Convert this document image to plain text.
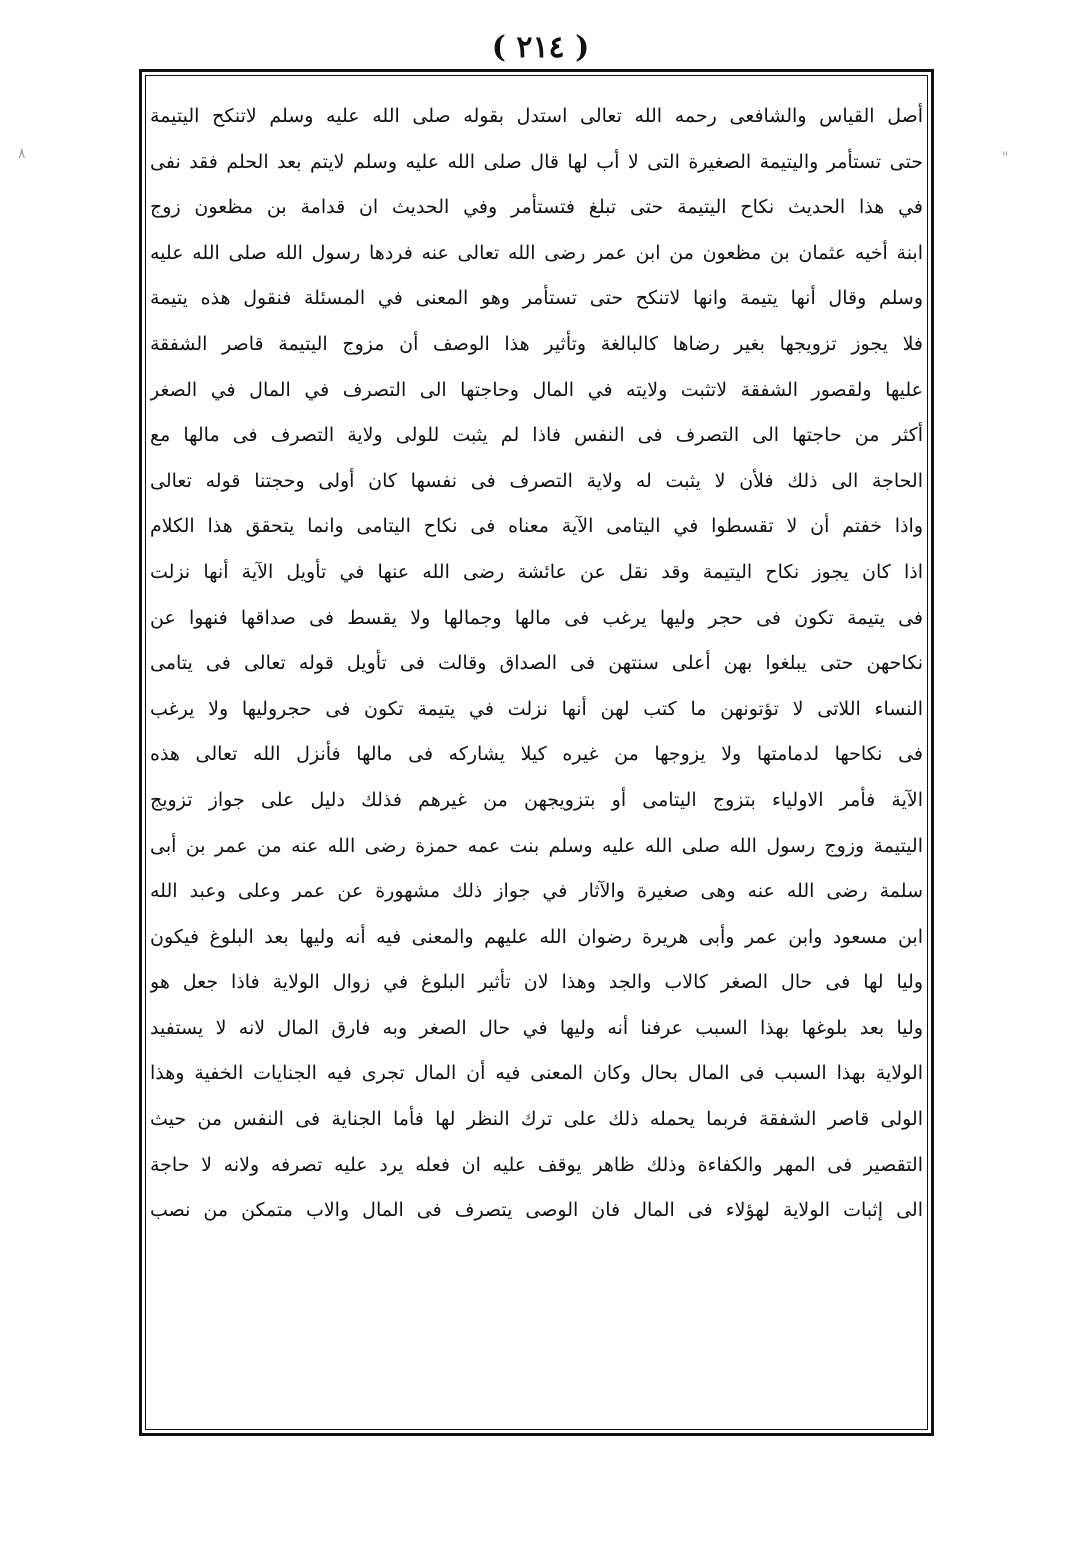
( ٢١٤ )
٨	"
أصل القياس والشافعى رحمه الله تعالى استدل بقوله صلى الله عليه وسلم لاتنكح اليتيمة
حتى تستأمر واليتيمة الصغيرة التى لا أب لها قال صلى الله عليه وسلم لايتم بعد الحلم فقد نفى
في هذا الحديث نكاح اليتيمة حتى تبلغ فتستأمر وفي الحديث ان قدامة بن مظعون زوج
ابنة أخيه عثمان بن مظعون من ابن عمر رضى الله تعالى عنه فردها رسول الله صلى الله عليه
وسلم وقال أنها يتيمة وانها لاتنكح حتى تستأمر وهو المعنى في المسئلة فنقول هذه يتيمة
فلا يجوز تزويجها بغير رضاها كالبالغة وتأثير هذا الوصف أن مزوج اليتيمة قاصر الشفقة
عليها ولقصور الشفقة لاتثبت ولايته في المال وحاجتها الى التصرف في المال في الصغر
أكثر من حاجتها الى التصرف فى النفس فاذا لم يثبت للولى ولاية التصرف فى مالها مع
الحاجة الى ذلك فلأن لا يثبت له ولاية التصرف فى نفسها كان أولى وحجتنا قوله تعالى
واذا خفتم أن لا تقسطوا في اليتامى الآية معناه فى نكاح اليتامى وانما يتحقق هذا الكلام
اذا كان يجوز نكاح اليتيمة وقد نقل عن عائشة رضى الله عنها في تأويل الآية أنها نزلت
فى يتيمة تكون فى حجر وليها يرغب فى مالها وجمالها ولا يقسط فى صداقها فنهوا عن
نكاحهن حتى يبلغوا بهن أعلى سنتهن فى الصداق وقالت فى تأويل قوله تعالى فى يتامى
النساء اللاتى لا تؤتونهن ما كتب لهن أنها نزلت في يتيمة تكون فى حجروليها ولا يرغب
فى نكاحها لدمامتها ولا يزوجها من غيره كيلا يشاركه فى مالها فأنزل الله تعالى هذه
الآية فأمر الاولياء بتزوج اليتامى أو بتزويجهن من غيرهم فذلك دليل على جواز تزويج
اليتيمة وزوج رسول الله صلى الله عليه وسلم بنت عمه حمزة رضى الله عنه من عمر بن أبى
سلمة رضى الله عنه وهى صغيرة والآثار في جواز ذلك مشهورة عن عمر وعلى وعبد الله
ابن مسعود وابن عمر وأبى هريرة رضوان الله عليهم والمعنى فيه أنه وليها بعد البلوغ فيكون
وليا لها فى حال الصغر كالاب والجد وهذا لان تأثير البلوغ في زوال الولاية فاذا جعل هو
وليا بعد بلوغها بهذا السبب عرفنا أنه وليها في حال الصغر وبه فارق المال لانه لا يستفيد
الولاية بهذا السبب فى المال بحال وكان المعنى فيه أن المال تجرى فيه الجنايات الخفية وهذا
الولى قاصر الشفقة فربما يحمله ذلك على ترك النظر لها فأما الجناية فى النفس من حيث
التقصير فى المهر والكفاءة وذلك ظاهر يوقف عليه ان فعله يرد عليه تصرفه ولانه لا حاجة
الى إثبات الولاية لهؤلاء فى المال فان الوصى يتصرف فى المال والاب متمكن من نصب
